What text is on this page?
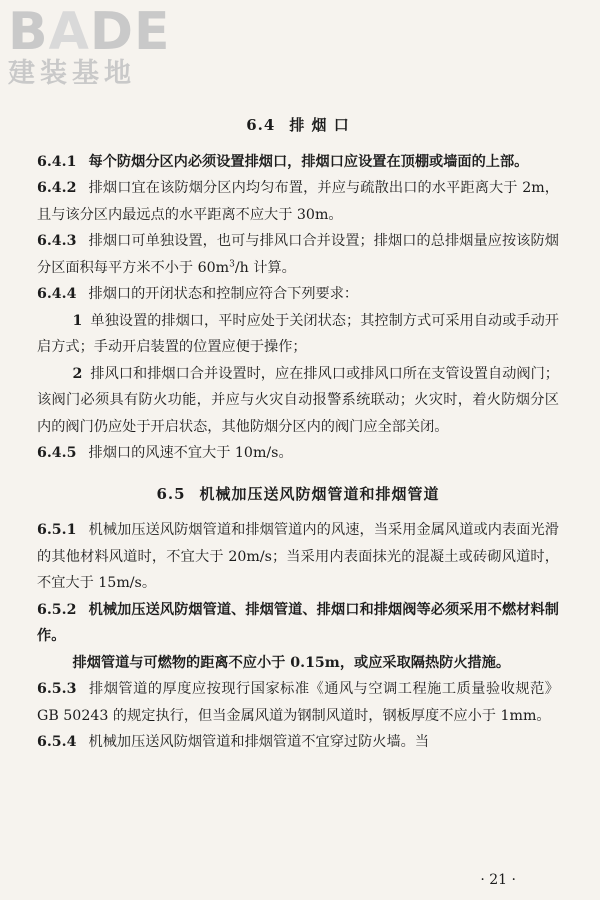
BADE
建装基地
6.4 排 烟 口

6.4.1 每个防烟分区内必须设置排烟口，排烟口应设置在顶棚或墙面的上部。

6.4.2 排烟口宜在该防烟分区内均匀布置，并应与疏散出口的水平距离大于 2m，且与该分区内最远点的水平距离不应大于 30m。

6.4.3 排烟口可单独设置，也可与排风口合并设置；排烟口的总排烟量应按该防烟分区面积每平方米不小于 $60m^3/h$ 计算。

6.4.4 排烟口的开闭状态和控制应符合下列要求：

1 单独设置的排烟口，平时应处于关闭状态；其控制方式可采用自动或手动开启方式；手动开启装置的位置应便于操作；

2 排风口和排烟口合并设置时，应在排风口或排风口所在支管设置自动阀门；该阀门必须具有防火功能，并应与火灾自动报警系统联动；火灾时，着火防烟分区内的阀门仍应处于开启状态，其他防烟分区内的阀门应全部关闭。

6.4.5 排烟口的风速不宜大于 10m/s。

6.5 机械加压送风防烟管道和排烟管道

6.5.1 机械加压送风防烟管道和排烟管道内的风速，当采用金属风道或内表面光滑的其他材料风道时，不宜大于 20m/s；当采用内表面抹光的混凝土或砖砌风道时，不宜大于 15m/s。

6.5.2 机械加压送风防烟管道、排烟管道、排烟口和排烟阀等必须采用不燃材料制作。

排烟管道与可燃物的距离不应小于 0.15m，或应采取隔热防火措施。

6.5.3 排烟管道的厚度应按现行国家标准《通风与空调工程施工质量验收规范》GB 50243 的规定执行，但当金属风道为钢制风道时，钢板厚度不应小于 1mm。

6.5.4 机械加压送风防烟管道和排烟管道不宜穿过防火墙。当

· 21 ·
